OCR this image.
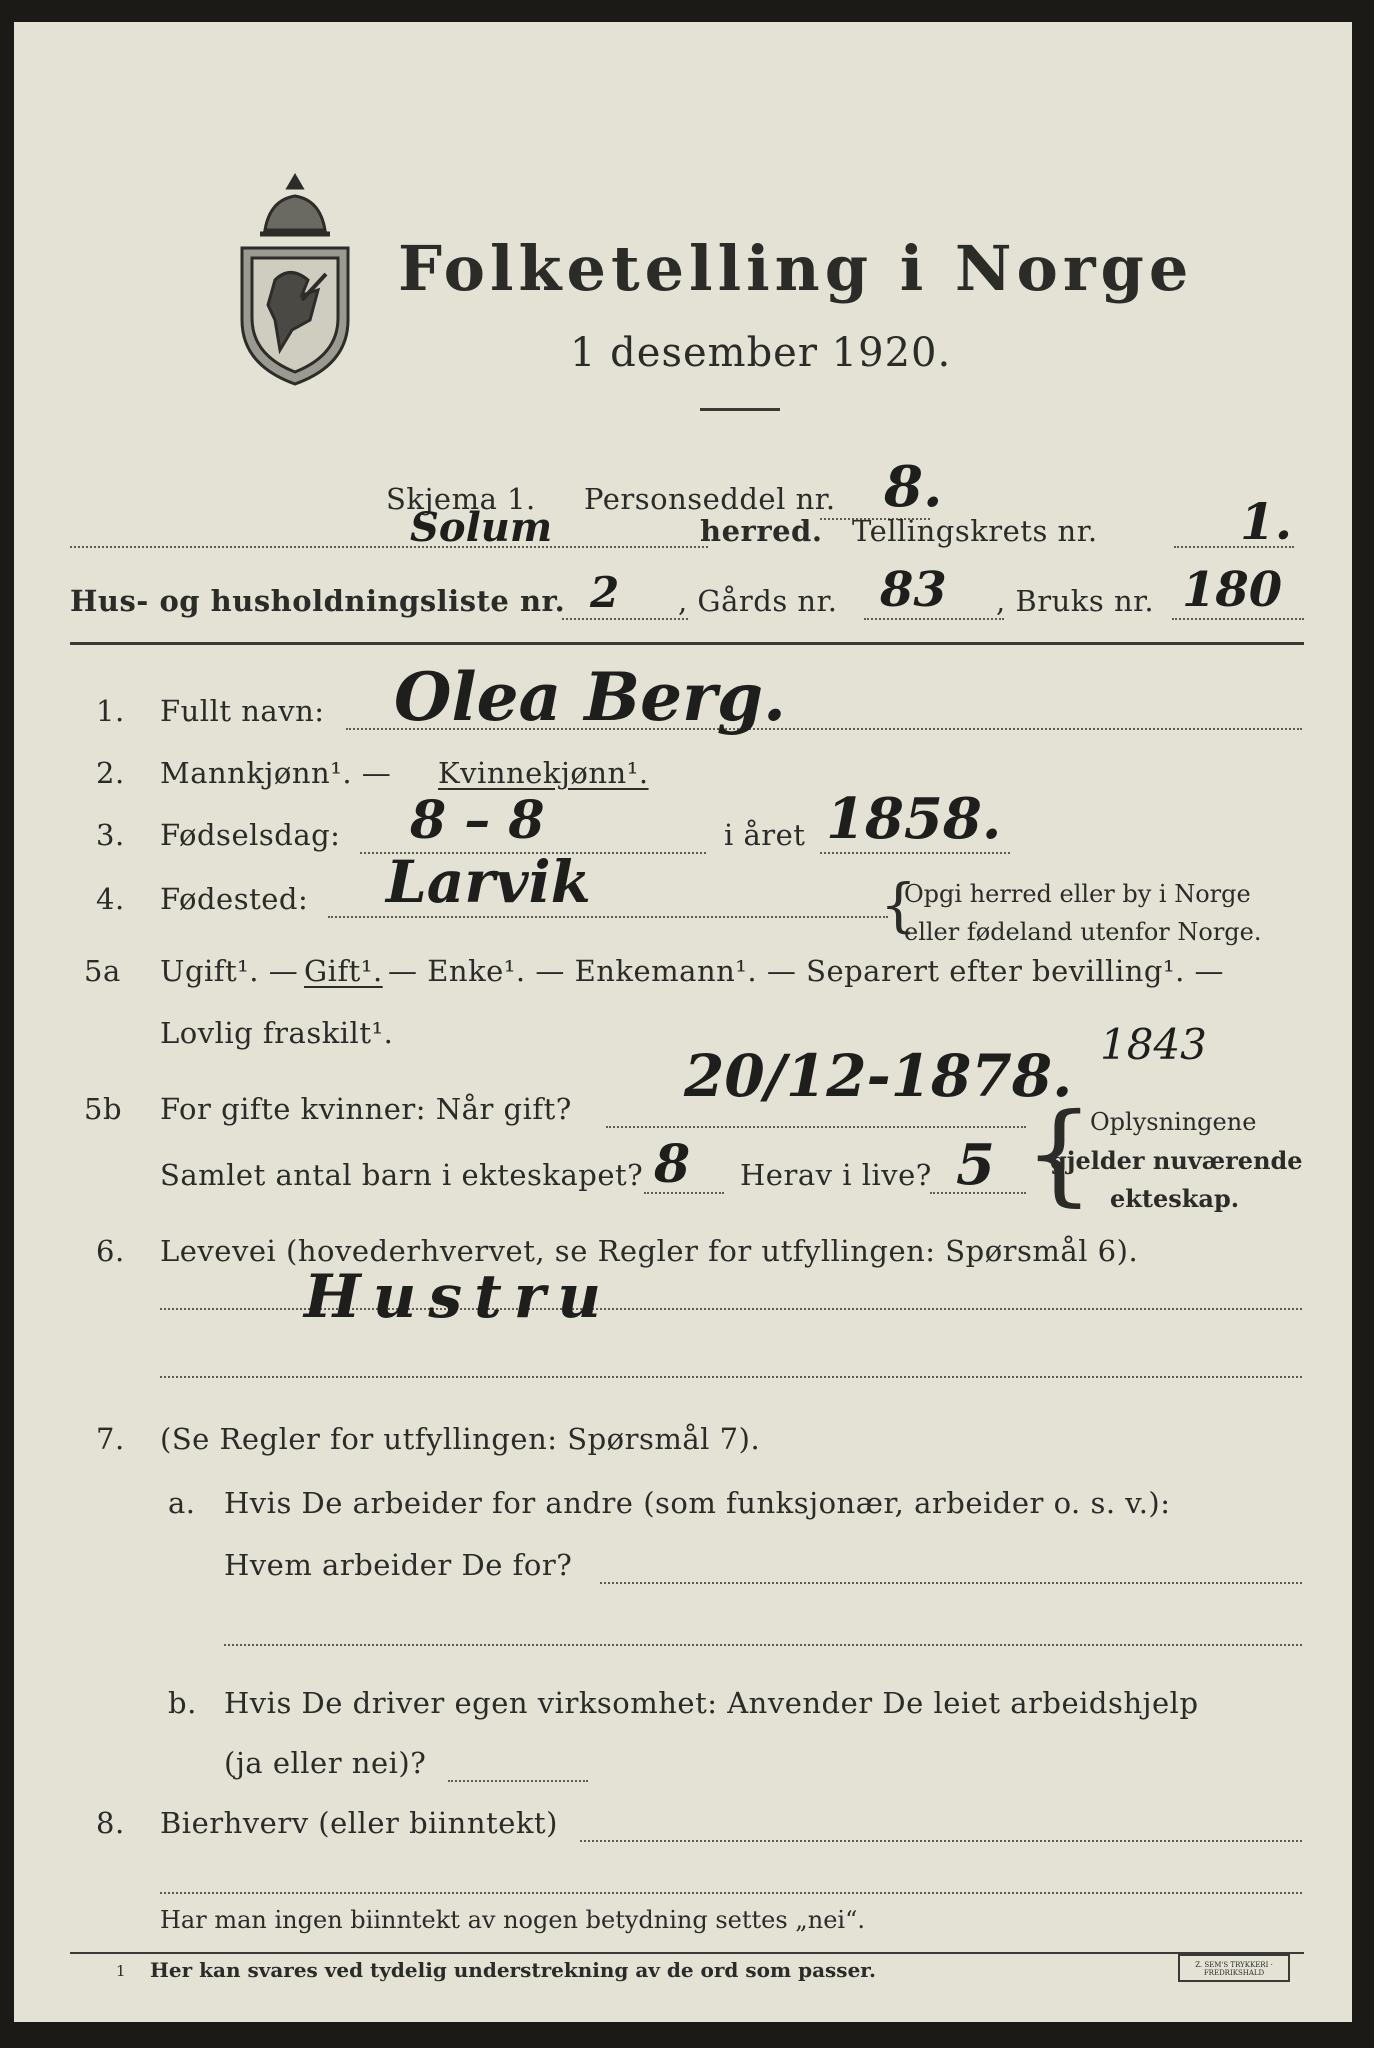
Folketelling i Norge
1 desember 1920.
Skjema 1. Personseddel nr. 8.
Solum	herred. Tellingskrets nr.	1.
Hus- og husholdningsliste nr. 2 , Gårds nr. 83 , Bruks nr. 180
1. Fullt navn: Olea Berg.
2. Mannkjønn¹. — Kvinnekjønn¹.
3. Fødselsdag: 8 – 8	i året 1858.
4. Fødested: Larvik	{
Opgi herred eller by i Norge
eller fødeland utenfor Norge.
5a Ugift¹. — Gift¹. — Enke¹. — Enkemann¹. — Separert efter bevilling¹. —
Lovlig fraskilt¹.	1843
5b For gifte kvinner: Når gift? 20/12-1878.
Samlet antal barn i ekteskapet? 8 Herav i live? 5 {
Oplysningene
gjelder nuværende
ekteskap.
6. Levevei (hovederhvervet, se Regler for utfyllingen: Spørsmål 6).
Hustru
7. (Se Regler for utfyllingen: Spørsmål 7).
a. Hvis De arbeider for andre (som funksjonær, arbeider o. s. v.):
Hvem arbeider De for?
b. Hvis De driver egen virksomhet: Anvender De leiet arbeidshjelp
(ja eller nei)?
8. Bierhverv (eller biinntekt)
Har man ingen biinntekt av nogen betydning settes „nei“.
1 Her kan svares ved tydelig understrekning av de ord som passer.	Z. SEM'S TRYKKERI · FREDRIKSHALD
